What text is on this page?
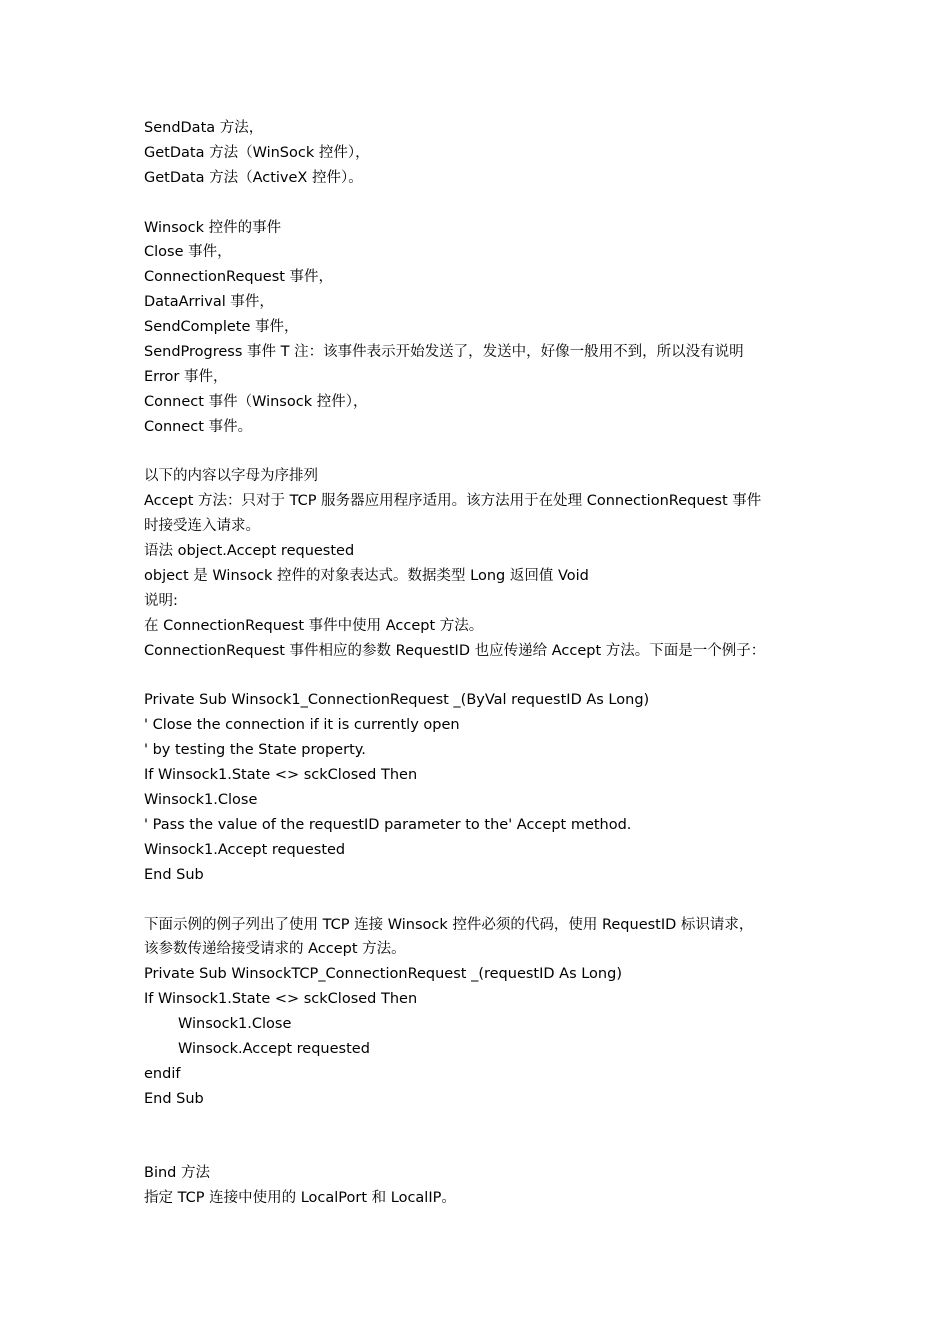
SendData 方法，
GetData 方法（WinSock 控件），
GetData 方法（ActiveX 控件）。
Winsock 控件的事件
Close 事件，
ConnectionRequest 事件，
DataArrival 事件，
SendComplete 事件，
SendProgress 事件 T 注：该事件表示开始发送了，发送中，好像一般用不到，所以没有说明
Error 事件，
Connect 事件（Winsock 控件），
Connect 事件。
以下的内容以字母为序排列
Accept 方法：只对于 TCP 服务器应用程序适用。该方法用于在处理 ConnectionRequest 事件
时接受连入请求。
语法 object.Accept requested
object 是 Winsock 控件的对象表达式。数据类型 Long 返回值 Void
说明:
在 ConnectionRequest 事件中使用 Accept 方法。
ConnectionRequest 事件相应的参数 RequestID 也应传递给 Accept 方法。下面是一个例子：
Private Sub Winsock1_ConnectionRequest _(ByVal requestID As Long)
' Close the connection if it is currently open
' by testing the State property.
If Winsock1.State <> sckClosed Then
Winsock1.Close
' Pass the value of the requestID parameter to the' Accept method.
Winsock1.Accept requested
End Sub
下面示例的例子列出了使用 TCP 连接 Winsock 控件必须的代码，使用 RequestID 标识请求，
该参数传递给接受请求的 Accept 方法。
Private Sub WinsockTCP_ConnectionRequest _(requestID As Long)
If Winsock1.State <> sckClosed Then
Winsock1.Close
Winsock.Accept requested
endif
End Sub
Bind 方法
指定 TCP 连接中使用的 LocalPort 和 LocalIP。
